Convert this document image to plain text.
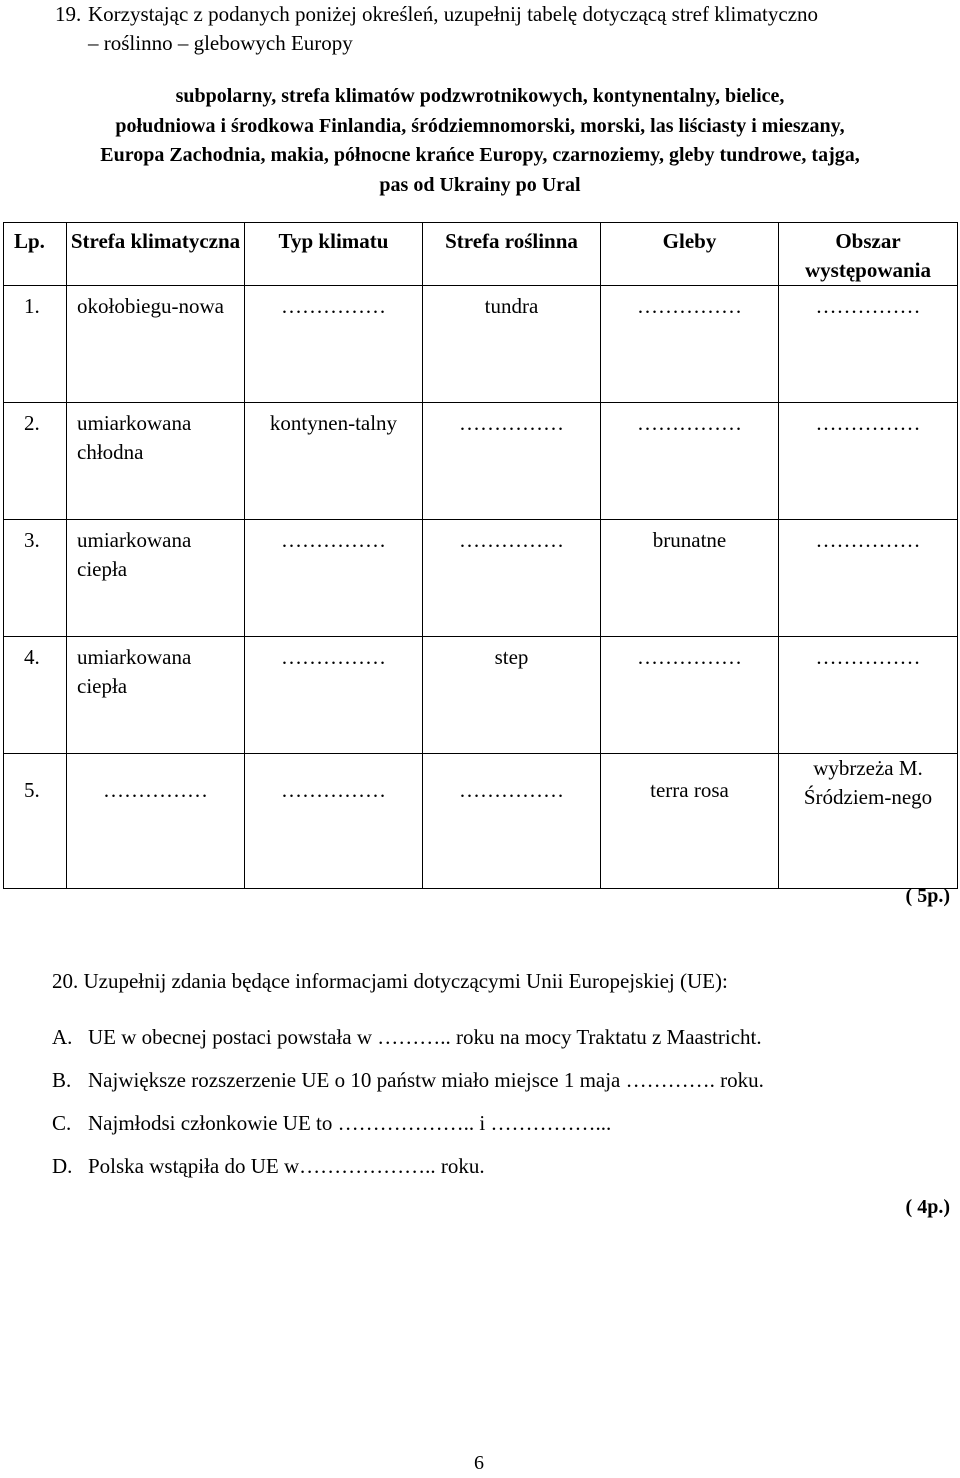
19. Korzystając z podanych poniżej określeń, uzupełnij tabelę dotyczącą stref klimatyczno
– roślinno – glebowych Europy
subpolarny, strefa klimatów podzwrotnikowych, kontynentalny, bielice,
południowa i środkowa Finlandia, śródziemnomorski, morski, las liściasty i mieszany,
Europa Zachodnia, makia, północne krańce Europy, czarnoziemy, gleby tundrowe, tajga,
pas od Ukrainy po Ural
Lp.	Strefa klimatyczna	Typ klimatu	Strefa roślinna	Gleby	Obszar występowania
1.	okołobiegu-nowa	……………	tundra	……………	……………
2.	umiarkowana chłodna	kontynen-talny	……………	……………	……………
3.	umiarkowana ciepła	……………	……………	brunatne	……………
4.	umiarkowana ciepła	……………	step	……………	……………
5.	……………	……………	……………	terra rosa	wybrzeża M. Śródziem-nego
( 5p.)
20. Uzupełnij zdania będące informacjami dotyczącymi Unii Europejskiej (UE):
A. UE w obecnej postaci powstała w ……….. roku na mocy Traktatu z Maastricht.
B. Największe rozszerzenie UE o 10 państw miało miejsce 1 maja …………. roku.
C. Najmłodsi członkowie UE to ……………….. i ……………...
D. Polska wstąpiła do UE w……………….. roku.
( 4p.)
6
